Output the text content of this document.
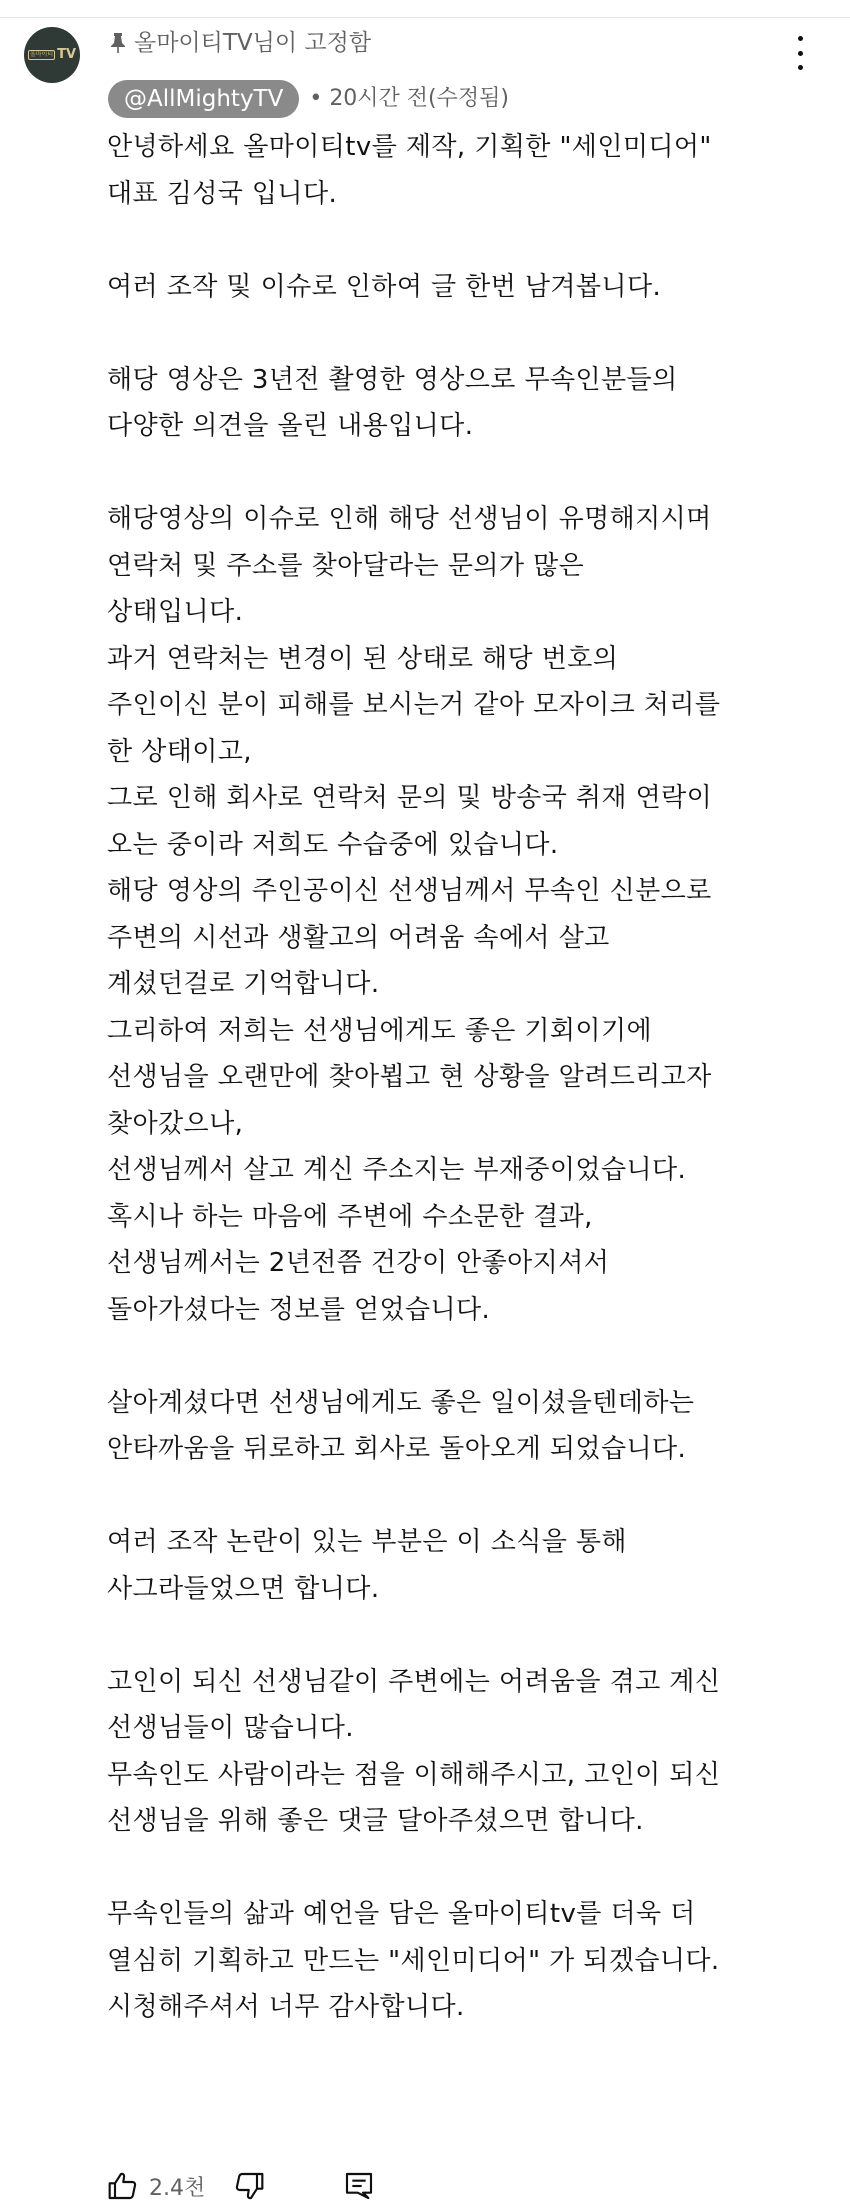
올마이티 TV	올마이티TV님이 고정함
@AllMightyTV	• 20시간 전(수정됨)

안녕하세요 올마이티tv를 제작, 기획한 "세인미디어"
대표 김성국 입니다.

여러 조작 및 이슈로 인하여 글 한번 남겨봅니다.

해당 영상은 3년전 촬영한 영상으로 무속인분들의
다양한 의견을 올린 내용입니다.

해당영상의 이슈로 인해 해당 선생님이 유명해지시며
연락처 및 주소를 찾아달라는 문의가 많은
상태입니다.
과거 연락처는 변경이 된 상태로 해당 번호의
주인이신 분이 피해를 보시는거 같아 모자이크 처리를
한 상태이고,
그로 인해 회사로 연락처 문의 및 방송국 취재 연락이
오는 중이라 저희도 수습중에 있습니다.
해당 영상의 주인공이신 선생님께서 무속인 신분으로
주변의 시선과 생활고의 어려움 속에서 살고
계셨던걸로 기억합니다.
그리하여 저희는 선생님에게도 좋은 기회이기에
선생님을 오랜만에 찾아뵙고 현 상황을 알려드리고자
찾아갔으나,
선생님께서 살고 계신 주소지는 부재중이었습니다.
혹시나 하는 마음에 주변에 수소문한 결과,
선생님께서는 2년전쯤 건강이 안좋아지셔서
돌아가셨다는 정보를 얻었습니다.

살아계셨다면 선생님에게도 좋은 일이셨을텐데하는
안타까움을 뒤로하고 회사로 돌아오게 되었습니다.

여러 조작 논란이 있는 부분은 이 소식을 통해
사그라들었으면 합니다.

고인이 되신 선생님같이 주변에는 어려움을 겪고 계신
선생님들이 많습니다.
무속인도 사람이라는 점을 이해해주시고, 고인이 되신
선생님을 위해 좋은 댓글 달아주셨으면 합니다.

무속인들의 삶과 예언을 담은 올마이티tv를 더욱 더
열심히 기획하고 만드는 "세인미디어" 가 되겠습니다.
시청해주셔서 너무 감사합니다.

2.4천
